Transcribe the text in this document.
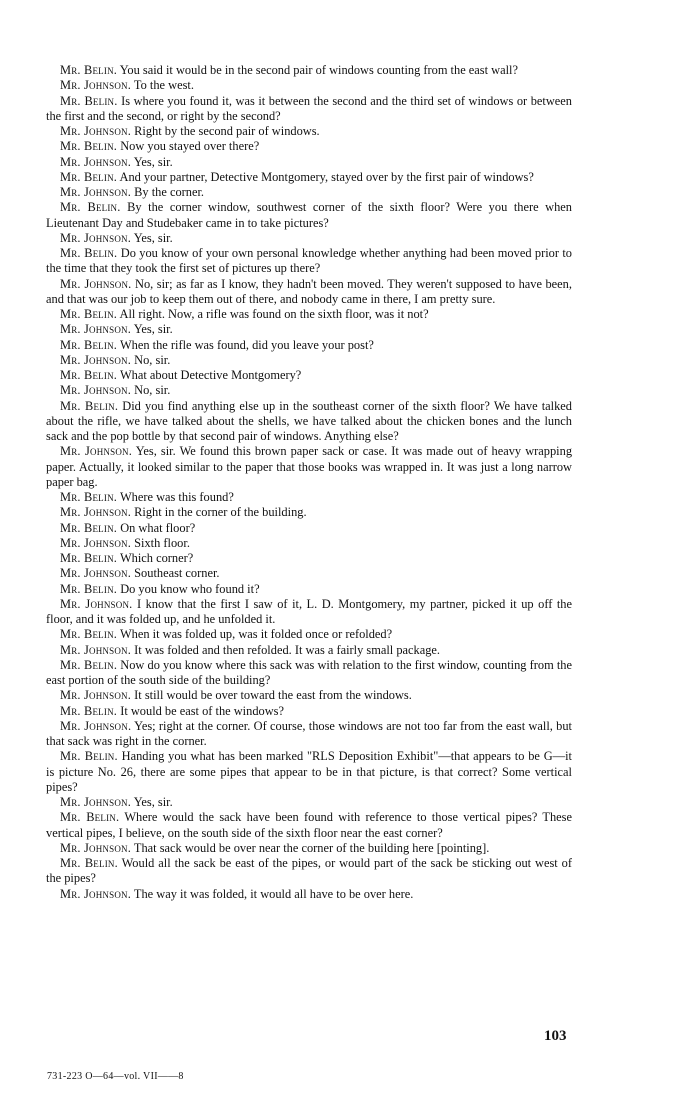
Mr. Belin. You said it would be in the second pair of windows counting from the east wall?

Mr. Johnson. To the west.

Mr. Belin. Is where you found it, was it between the second and the third set of windows or between the first and the second, or right by the second?

Mr. Johnson. Right by the second pair of windows.

Mr. Belin. Now you stayed over there?

Mr. Johnson. Yes, sir.

Mr. Belin. And your partner, Detective Montgomery, stayed over by the first pair of windows?

Mr. Johnson. By the corner.

Mr. Belin. By the corner window, southwest corner of the sixth floor? Were you there when Lieutenant Day and Studebaker came in to take pictures?

Mr. Johnson. Yes, sir.

Mr. Belin. Do you know of your own personal knowledge whether anything had been moved prior to the time that they took the first set of pictures up there?

Mr. Johnson. No, sir; as far as I know, they hadn't been moved. They weren't supposed to have been, and that was our job to keep them out of there, and nobody came in there, I am pretty sure.

Mr. Belin. All right. Now, a rifle was found on the sixth floor, was it not?

Mr. Johnson. Yes, sir.

Mr. Belin. When the rifle was found, did you leave your post?

Mr. Johnson. No, sir.

Mr. Belin. What about Detective Montgomery?

Mr. Johnson. No, sir.

Mr. Belin. Did you find anything else up in the southeast corner of the sixth floor? We have talked about the rifle, we have talked about the shells, we have talked about the chicken bones and the lunch sack and the pop bottle by that second pair of windows. Anything else?

Mr. Johnson. Yes, sir. We found this brown paper sack or case. It was made out of heavy wrapping paper. Actually, it looked similar to the paper that those books was wrapped in. It was just a long narrow paper bag.

Mr. Belin. Where was this found?

Mr. Johnson. Right in the corner of the building.

Mr. Belin. On what floor?

Mr. Johnson. Sixth floor.

Mr. Belin. Which corner?

Mr. Johnson. Southeast corner.

Mr. Belin. Do you know who found it?

Mr. Johnson. I know that the first I saw of it, L. D. Montgomery, my partner, picked it up off the floor, and it was folded up, and he unfolded it.

Mr. Belin. When it was folded up, was it folded once or refolded?

Mr. Johnson. It was folded and then refolded. It was a fairly small package.

Mr. Belin. Now do you know where this sack was with relation to the first window, counting from the east portion of the south side of the building?

Mr. Johnson. It still would be over toward the east from the windows.

Mr. Belin. It would be east of the windows?

Mr. Johnson. Yes; right at the corner. Of course, those windows are not too far from the east wall, but that sack was right in the corner.

Mr. Belin. Handing you what has been marked "RLS Deposition Exhibit"—that appears to be G—it is picture No. 26, there are some pipes that appear to be in that picture, is that correct? Some vertical pipes?

Mr. Johnson. Yes, sir.

Mr. Belin. Where would the sack have been found with reference to those vertical pipes? These vertical pipes, I believe, on the south side of the sixth floor near the east corner?

Mr. Johnson. That sack would be over near the corner of the building here [pointing].

Mr. Belin. Would all the sack be east of the pipes, or would part of the sack be sticking out west of the pipes?

Mr. Johnson. The way it was folded, it would all have to be over here.

103
731-223 O—64—vol. VII——8
